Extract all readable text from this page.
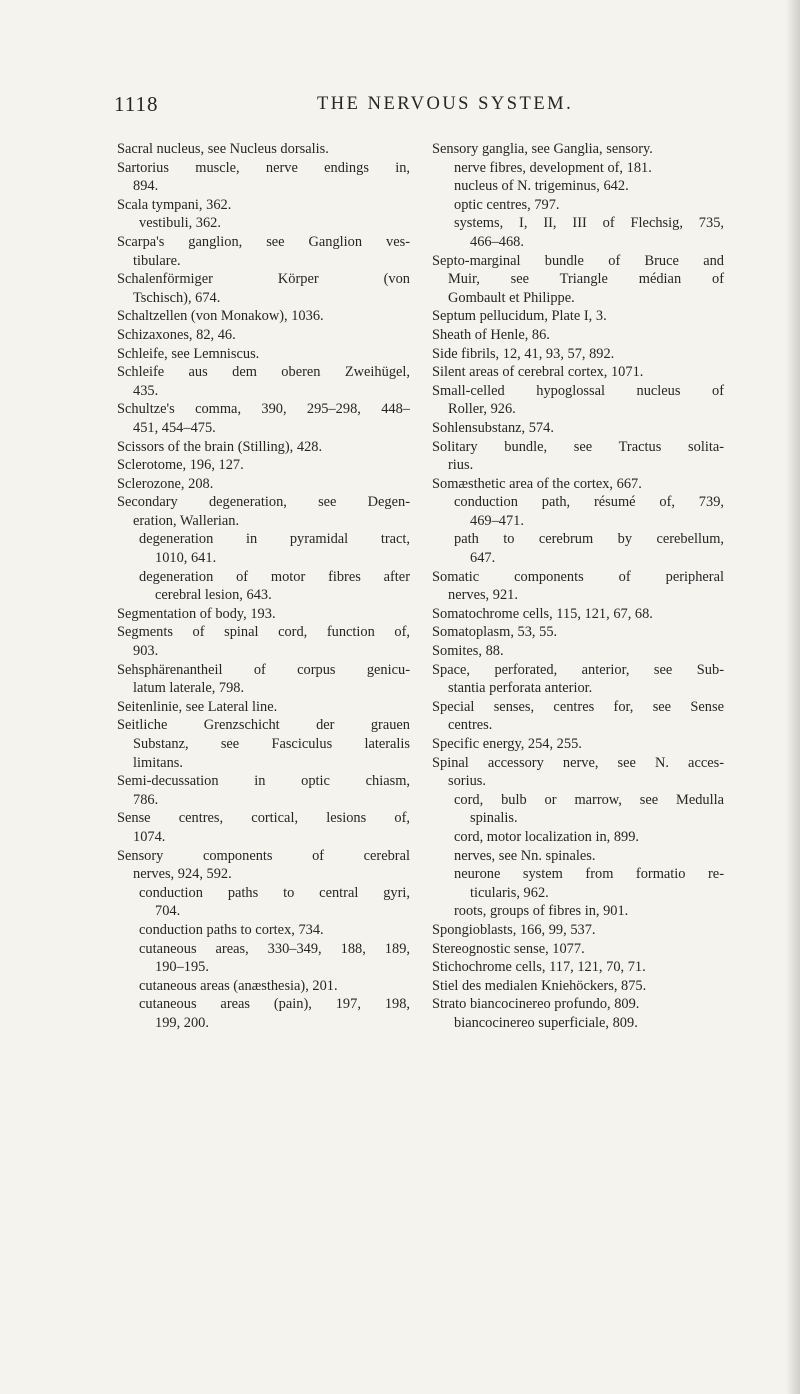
1118	THE NERVOUS SYSTEM.
Sacral nucleus, see Nucleus dorsalis.
Sartorius muscle, nerve endings in,
894.
Scala tympani, 362.
vestibuli, 362.
Scarpa's ganglion, see Ganglion ves-
tibulare.
Schalenförmiger Körper (von
Tschisch), 674.
Schaltzellen (von Monakow), 1036.
Schizaxones, 82, 46.
Schleife, see Lemniscus.
Schleife aus dem oberen Zweihügel,
435.
Schultze's comma, 390, 295–298, 448–
451, 454–475.
Scissors of the brain (Stilling), 428.
Sclerotome, 196, 127.
Sclerozone, 208.
Secondary degeneration, see Degen-
eration, Wallerian.
degeneration in pyramidal tract,
1010, 641.
degeneration of motor fibres after
cerebral lesion, 643.
Segmentation of body, 193.
Segments of spinal cord, function of,
903.
Sehsphärenantheil of corpus genicu-
latum laterale, 798.
Seitenlinie, see Lateral line.
Seitliche Grenzschicht der grauen
Substanz, see Fasciculus lateralis
limitans.
Semi-decussation in optic chiasm,
786.
Sense centres, cortical, lesions of,
1074.
Sensory components of cerebral
nerves, 924, 592.
conduction paths to central gyri,
704.
conduction paths to cortex, 734.
cutaneous areas, 330–349, 188, 189,
190–195.
cutaneous areas (anæsthesia), 201.
cutaneous areas (pain), 197, 198,
199, 200.
Sensory ganglia, see Ganglia, sensory.
nerve fibres, development of, 181.
nucleus of N. trigeminus, 642.
optic centres, 797.
systems, I, II, III of Flechsig, 735,
466–468.
Septo-marginal bundle of Bruce and
Muir, see Triangle médian of
Gombault et Philippe.
Septum pellucidum, Plate I, 3.
Sheath of Henle, 86.
Side fibrils, 12, 41, 93, 57, 892.
Silent areas of cerebral cortex, 1071.
Small-celled hypoglossal nucleus of
Roller, 926.
Sohlensubstanz, 574.
Solitary bundle, see Tractus solita-
rius.
Somæsthetic area of the cortex, 667.
conduction path, résumé of, 739,
469–471.
path to cerebrum by cerebellum,
647.
Somatic components of peripheral
nerves, 921.
Somatochrome cells, 115, 121, 67, 68.
Somatoplasm, 53, 55.
Somites, 88.
Space, perforated, anterior, see Sub-
stantia perforata anterior.
Special senses, centres for, see Sense
centres.
Specific energy, 254, 255.
Spinal accessory nerve, see N. acces-
sorius.
cord, bulb or marrow, see Medulla
spinalis.
cord, motor localization in, 899.
nerves, see Nn. spinales.
neurone system from formatio re-
ticularis, 962.
roots, groups of fibres in, 901.
Spongioblasts, 166, 99, 537.
Stereognostic sense, 1077.
Stichochrome cells, 117, 121, 70, 71.
Stiel des medialen Kniehöckers, 875.
Strato biancocinereo profundo, 809.
biancocinereo superficiale, 809.
